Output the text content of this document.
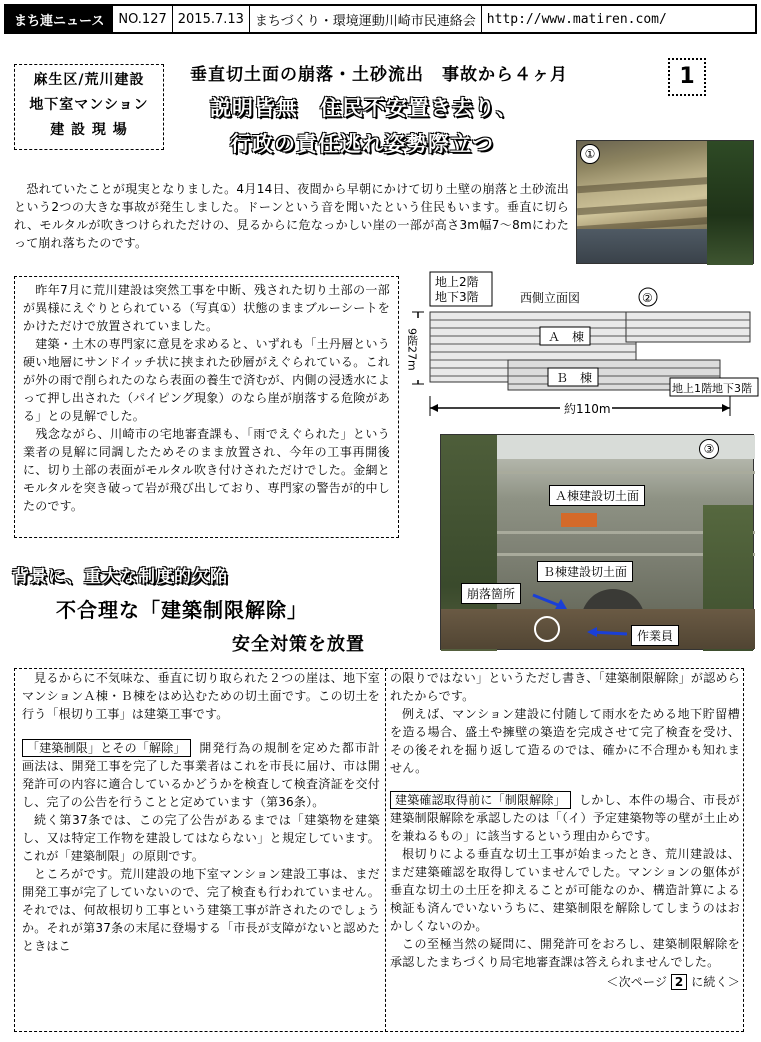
まち連ニュース	NO.127 2015.7.13 まちづくり・環境運動川崎市民連絡会 http://www.matiren.com/
麻生区/荒川建設
地下室マンション
建 設 現 場
垂直切土面の崩落・土砂流出　事故から４ヶ月
説明皆無　住民不安置き去り、
行政の責任逃れ姿勢際立つ
1
①
　恐れていたことが現実となりました。4月14日、夜間から早朝にかけて切り土壁の崩落と土砂流出という2つの大きな事故が発生しました。ドーンという音を聞いたという住民もいます。垂直に切られ、モルタルが吹きつけられただけの、見るからに危なっかしい崖の一部が高さ3m幅7〜8mにわたって崩れ落ちたのです。
　昨年7月に荒川建設は突然工事を中断、残された切り土部の一部が異様にえぐりとられている（写真①）状態のままブルーシートをかけただけで放置されていました。
　建築・土木の専門家に意見を求めると、いずれも「土丹層という硬い地層にサンドイッチ状に挟まれた砂層がえぐられている。これが外の雨で削られたのなら表面の養生で済むが、内側の浸透水によって押し出された（パイピング現象）のなら崖が崩落する危険がある」との見解でした。
　残念ながら、川崎市の宅地審査課も、「雨でえぐられた」という業者の見解に同調したためそのまま放置され、今年の工事再開後に、切り土部の表面がモルタル吹き付けされただけでした。金網とモルタルを突き破って岩が飛び出しており、専門家の警告が的中したのです。
地上2階
地下3階	西側立面図	②
9階27m	Ａ　棟
Ｂ　棟
地上1階地下3階
約110m
③
Ａ棟建設切土面
Ｂ棟建設切土面
崩落箇所
作業員
背景に、重大な制度的欠陥
不合理な「建築制限解除」
安全対策を放置
見るからに不気味な、垂直に切り取られた２つの崖は、地下室マンションＡ棟・Ｂ棟をはめ込むための切土面です。この切土を行う「根切り工事」は建築工事です。
「建築制限」とその「解除」 開発行為の規制を定めた都市計画法は、開発工事を完了した事業者はこれを市長に届け、市は開発許可の内容に適合しているかどうかを検査して検査済証を交付し、完了の公告を行うことと定めています（第36条）。
続く第37条では、この完了公告があるまでは「建築物を建築し、又は特定工作物を建設してはならない」と規定しています。これが「建築制限」の原則です。
ところがです。荒川建設の地下室マンション建設工事は、まだ開発工事が完了していないので、完了検査も行われていません。それでは、何故根切り工事という建築工事が許されたのでしょうか。それが第37条の末尾に登場する「市長が支障がないと認めたときはこ
の限りではない」というただし書き、「建築制限解除」が認められたからです。
例えば、マンション建設に付随して雨水をためる地下貯留槽を造る場合、盛土や擁壁の築造を完成させて完了検査を受け、その後それを掘り返して造るのでは、確かに不合理かも知れません。
建築確認取得前に「制限解除」 しかし、本件の場合、市長が建築制限解除を承認したのは「（イ）予定建築物等の壁が土止めを兼ねるもの」に該当するという理由からです。
根切りによる垂直な切土工事が始まったとき、荒川建設は、まだ建築確認を取得していませんでした。マンションの躯体が垂直な切土の土圧を抑えることが可能なのか、構造計算による検証も済んでいないうちに、建築制限を解除してしまうのはおかしくないのか。
この至極当然の疑問に、開発許可をおろし、建築制限解除を承認したまちづくり局宅地審査課は答えられませんでした。
＜次ページ 2 に続く＞
